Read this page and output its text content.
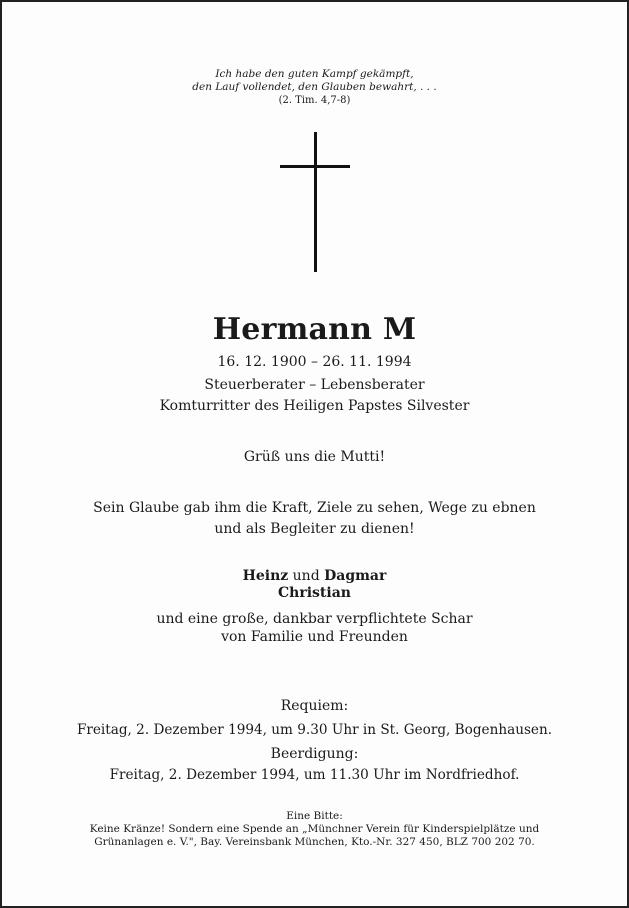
Ich habe den guten Kampf gekämpft,
den Lauf vollendet, den Glauben bewahrt, . . .
(2. Tim. 4,7-8)
Hermann M
16. 12. 1900 – 26. 11. 1994
Steuerberater – Lebensberater
Komturritter des Heiligen Papstes Silvester
Grüß uns die Mutti!
Sein Glaube gab ihm die Kraft, Ziele zu sehen, Wege zu ebnen
und als Begleiter zu dienen!
Heinz und Dagmar
Christian
und eine große, dankbar verpflichtete Schar
von Familie und Freunden
Requiem:
Freitag, 2. Dezember 1994, um 9.30 Uhr in St. Georg, Bogenhausen.
Beerdigung:
Freitag, 2. Dezember 1994, um 11.30 Uhr im Nordfriedhof.
Eine Bitte:
Keine Kränze! Sondern eine Spende an „Münchner Verein für Kinderspielplätze und
Grünanlagen e. V.", Bay. Vereinsbank München, Kto.-Nr. 327 450, BLZ 700 202 70.
